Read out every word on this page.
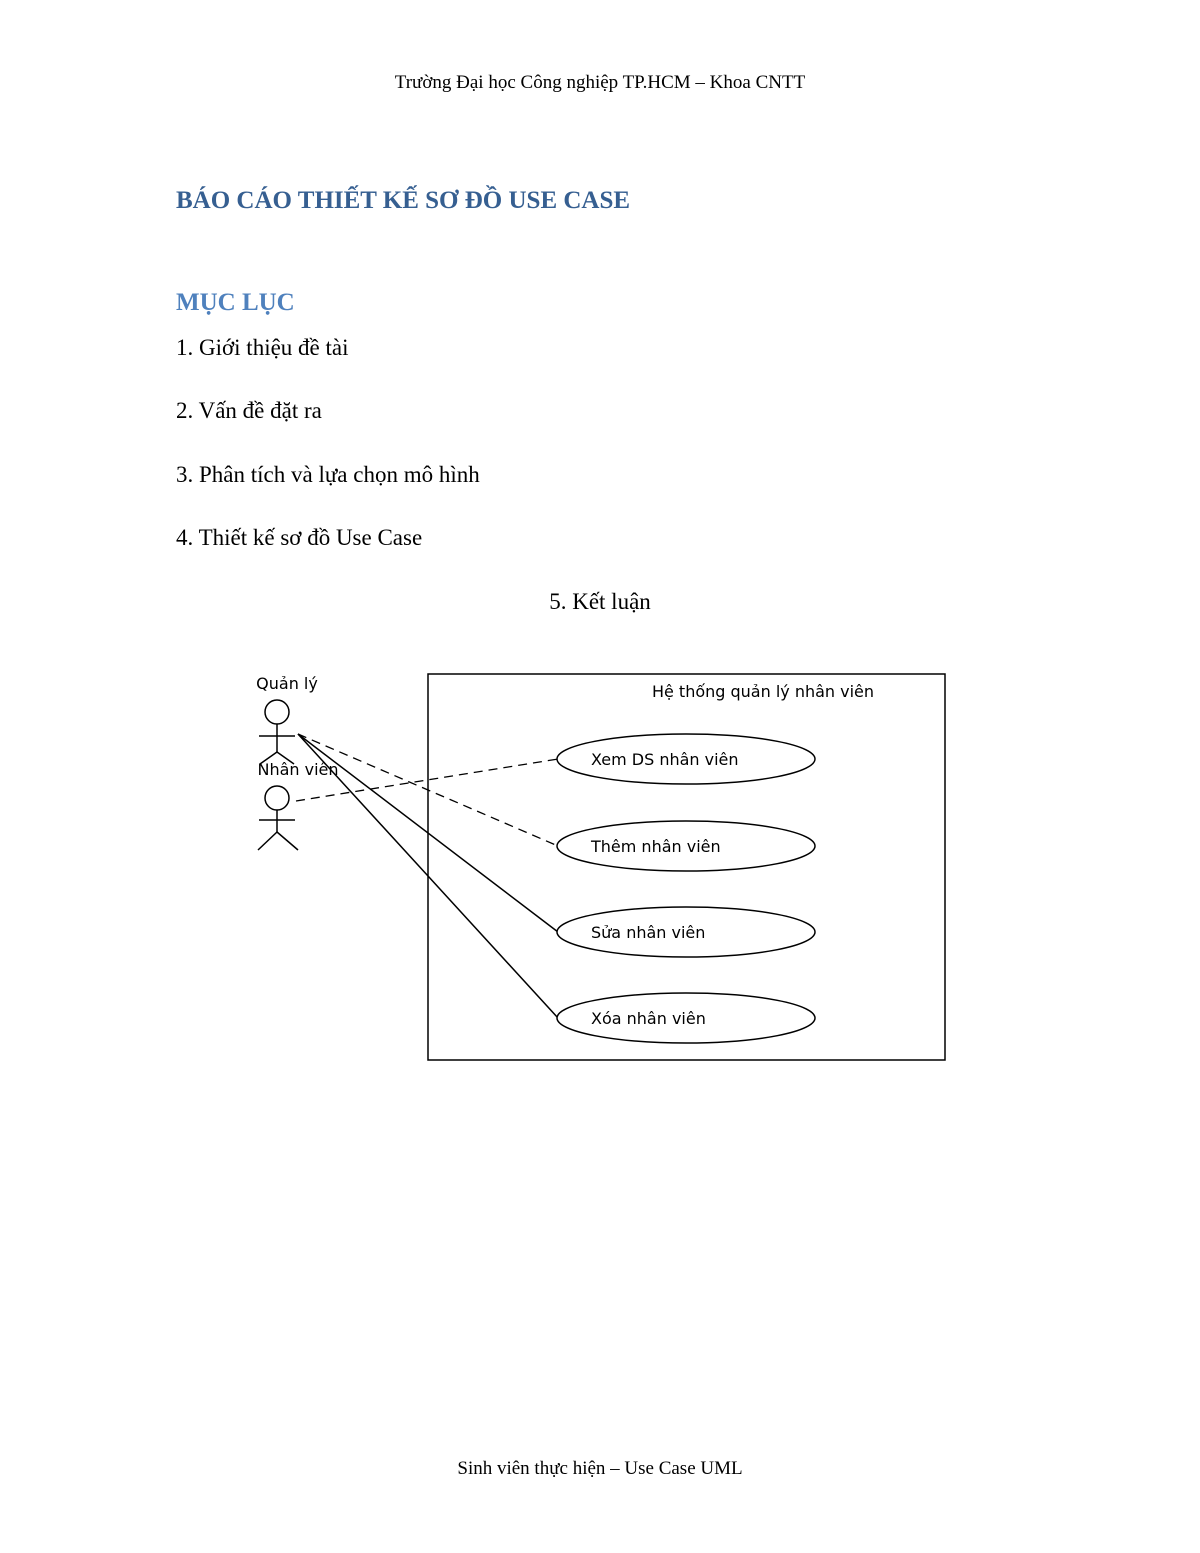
Trường Đại học Công nghiệp TP.HCM – Khoa CNTT
BÁO CÁO THIẾT KẾ SƠ ĐỒ USE CASE
MỤC LỤC

1. Giới thiệu đề tài

2. Vấn đề đặt ra

3. Phân tích và lựa chọn mô hình

4. Thiết kế sơ đồ Use Case

5. Kết luận

Hệ thống quản lý nhân viên
Quản lý
Nhân viên
Xem DS nhân viên
Thêm nhân viên
Sửa nhân viên
Xóa nhân viên
Sinh viên thực hiện – Use Case UML
